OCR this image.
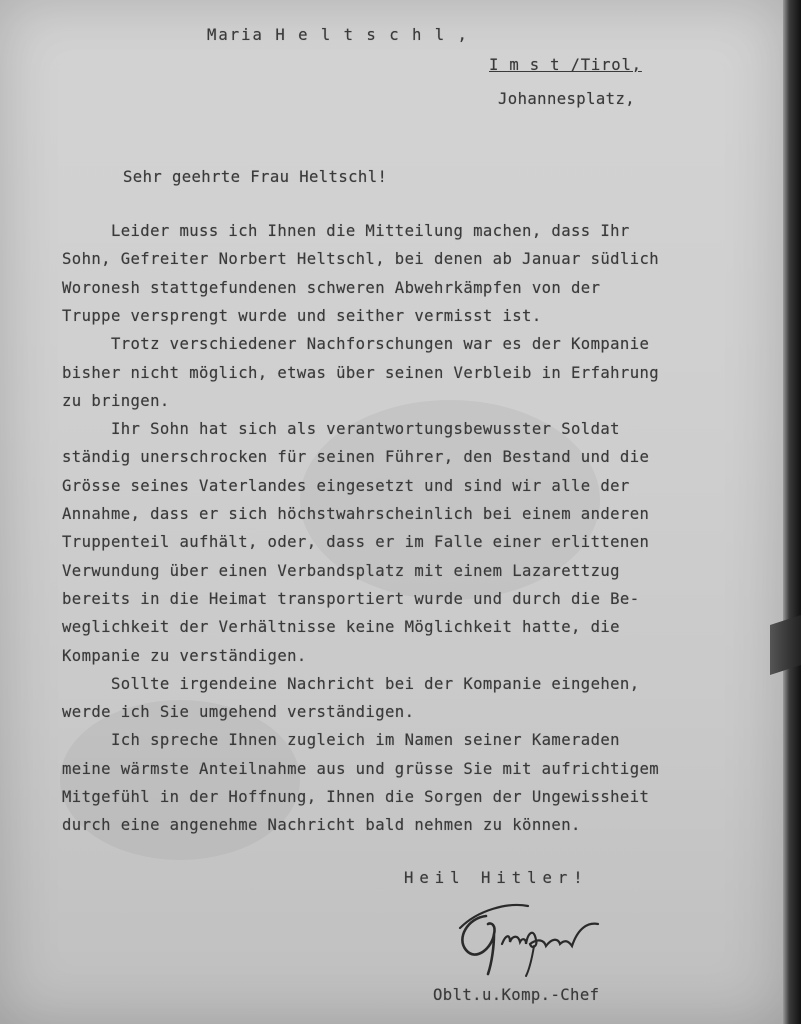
Maria H e l t s c h l ,

I m s t /Tirol,

Johannesplatz,

Sehr geehrte Frau Heltschl!

Leider muss ich Ihnen die Mitteilung machen, dass Ihr
Sohn, Gefreiter Norbert Heltschl, bei denen ab Januar südlich
Woronesh stattgefundenen schweren Abwehrkämpfen von der
Truppe versprengt wurde und seither vermisst ist.
Trotz verschiedener Nachforschungen war es der Kompanie
bisher nicht möglich, etwas über seinen Verbleib in Erfahrung
zu bringen.
Ihr Sohn hat sich als verantwortungsbewusster Soldat
ständig unerschrocken für seinen Führer, den Bestand und die
Grösse seines Vaterlandes eingesetzt und sind wir alle der
Annahme, dass er sich höchstwahrscheinlich bei einem anderen
Truppenteil aufhält, oder, dass er im Falle einer erlittenen
Verwundung über einen Verbandsplatz mit einem Lazarettzug
bereits in die Heimat transportiert wurde und durch die Be-
weglichkeit der Verhältnisse keine Möglichkeit hatte, die
Kompanie zu verständigen.
Sollte irgendeine Nachricht bei der Kompanie eingehen,
werde ich Sie umgehend verständigen.
Ich spreche Ihnen zugleich im Namen seiner Kameraden
meine wärmste Anteilnahme aus und grüsse Sie mit aufrichtigem
Mitgefühl in der Hoffnung, Ihnen die Sorgen der Ungewissheit
durch eine angenehme Nachricht bald nehmen zu können.

Heil Hitler!

Oblt.u.Komp.-Chef
